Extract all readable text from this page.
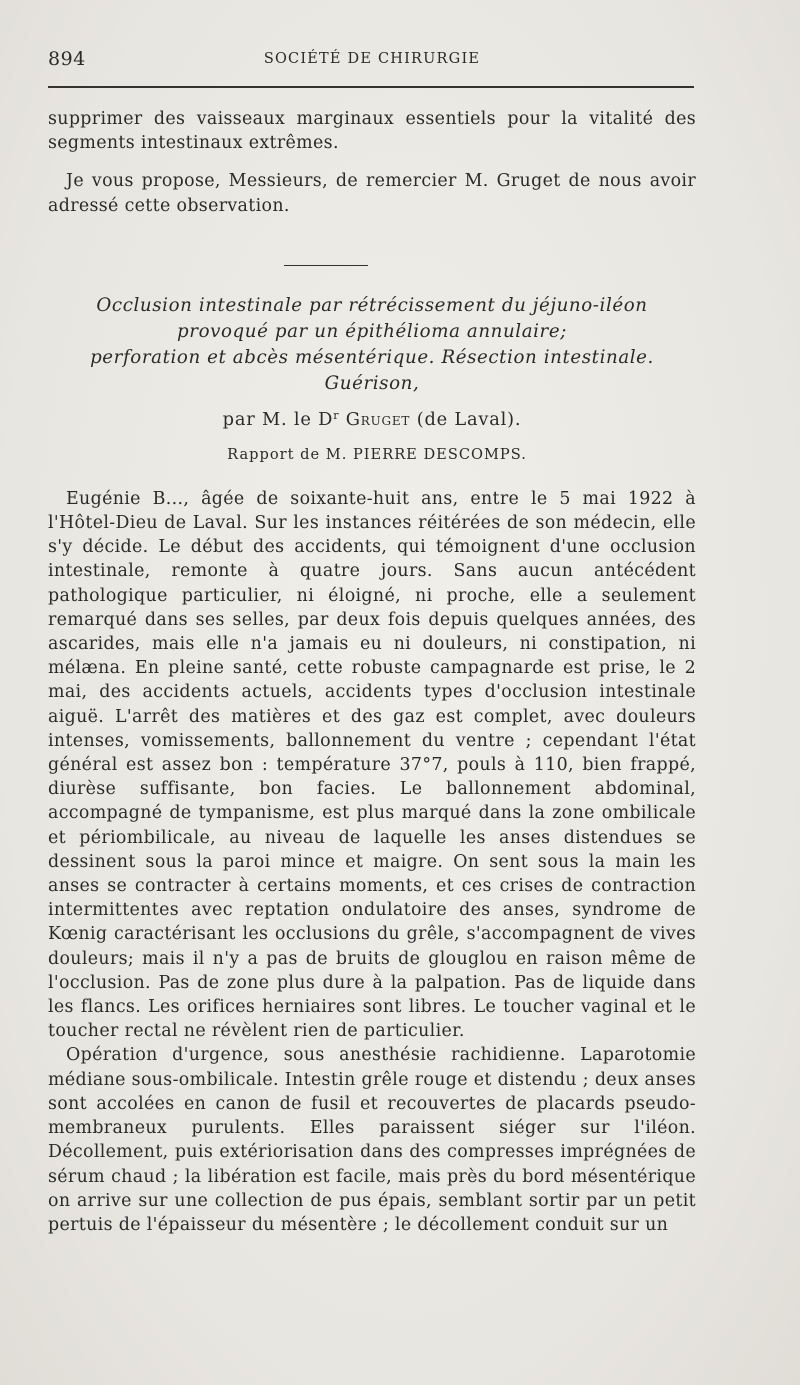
894	SOCIÉTÉ DE CHIRURGIE

supprimer des vaisseaux marginaux essentiels pour la vitalité des segments intestinaux extrêmes.

Je vous propose, Messieurs, de remercier M. Gruget de nous avoir adressé cette observation.

Occlusion intestinale par rétrécissement du jéjuno-iléon
provoqué par un épithélioma annulaire;
perforation et abcès mésentérique. Résection intestinale. Guérison,
par M. le $D^r$ Gruget (de Laval).
Rapport de M. PIERRE DESCOMPS.

Eugénie B..., âgée de soixante-huit ans, entre le 5 mai 1922 à l'Hôtel-Dieu de Laval. Sur les instances réitérées de son médecin, elle s'y décide. Le début des accidents, qui témoignent d'une occlusion intestinale, remonte à quatre jours. Sans aucun antécédent pathologique particulier, ni éloigné, ni proche, elle a seulement remarqué dans ses selles, par deux fois depuis quelques années, des ascarides, mais elle n'a jamais eu ni douleurs, ni constipation, ni mélæna. En pleine santé, cette robuste campagnarde est prise, le 2 mai, des accidents actuels, accidents types d'occlusion intestinale aiguë. L'arrêt des matières et des gaz est complet, avec douleurs intenses, vomissements, ballonnement du ventre ; cependant l'état général est assez bon : température 37°7, pouls à 110, bien frappé, diurèse suffisante, bon facies. Le ballonnement abdominal, accompagné de tympanisme, est plus marqué dans la zone ombilicale et périombilicale, au niveau de laquelle les anses distendues se dessinent sous la paroi mince et maigre. On sent sous la main les anses se contracter à certains moments, et ces crises de contraction intermittentes avec reptation ondulatoire des anses, syndrome de Kœnig caractérisant les occlusions du grêle, s'accompagnent de vives douleurs; mais il n'y a pas de bruits de glouglou en raison même de l'occlusion. Pas de zone plus dure à la palpation. Pas de liquide dans les flancs. Les orifices herniaires sont libres. Le toucher vaginal et le toucher rectal ne révèlent rien de particulier.

Opération d'urgence, sous anesthésie rachidienne. Laparotomie médiane sous-ombilicale. Intestin grêle rouge et distendu ; deux anses sont accolées en canon de fusil et recouvertes de placards pseudo-membraneux purulents. Elles paraissent siéger sur l'iléon. Décollement, puis extériorisation dans des compresses imprégnées de sérum chaud ; la libération est facile, mais près du bord mésentérique on arrive sur une collection de pus épais, semblant sortir par un petit pertuis de l'épaisseur du mésentère ; le décollement conduit sur un
